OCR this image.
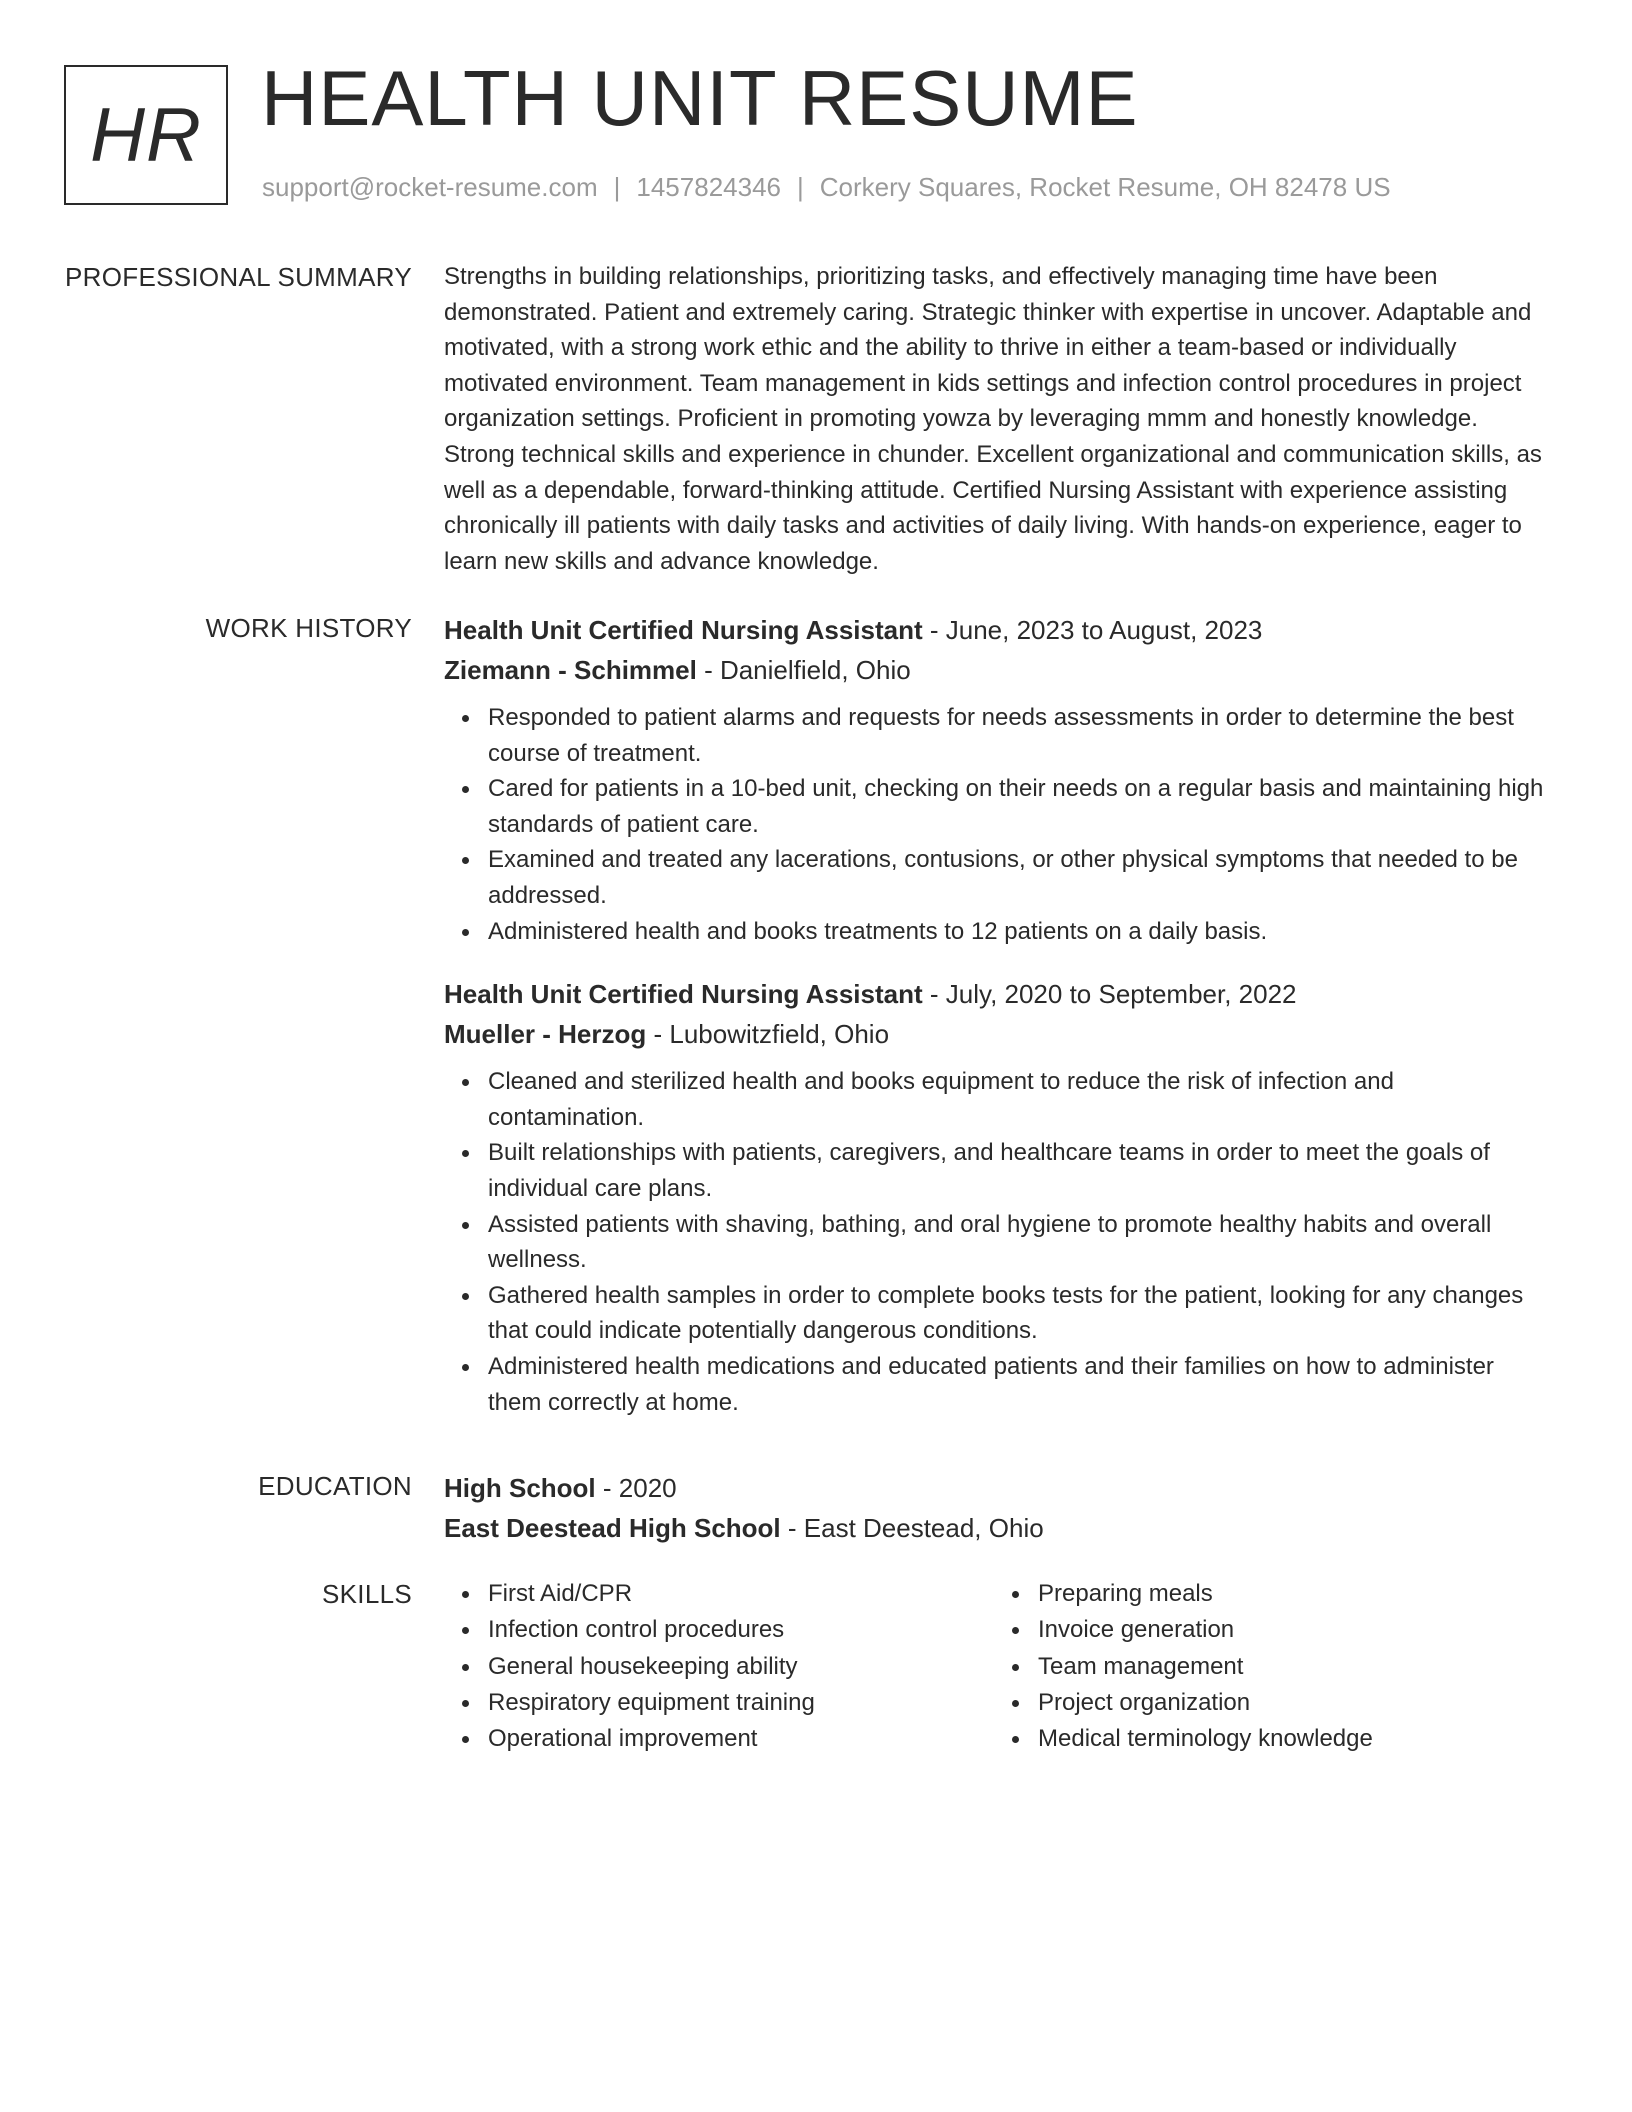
HR HEALTH UNIT RESUME
support@rocket-resume.com | 1457824346 | Corkery Squares, Rocket Resume, OH 82478 US
PROFESSIONAL SUMMARY Strengths in building relationships, prioritizing tasks, and effectively managing time have been demonstrated. Patient and extremely caring. Strategic thinker with expertise in uncover. Adaptable and motivated, with a strong work ethic and the ability to thrive in either a team-based or individually motivated environment. Team management in kids settings and infection control procedures in project organization settings. Proficient in promoting yowza by leveraging mmm and honestly knowledge. Strong technical skills and experience in chunder. Excellent organizational and communication skills, as well as a dependable, forward-thinking attitude. Certified Nursing Assistant with experience assisting chronically ill patients with daily tasks and activities of daily living. With hands-on experience, eager to learn new skills and advance knowledge.

WORK HISTORY Health Unit Certified Nursing Assistant - June, 2023 to August, 2023
Ziemann - Schimmel - Danielfield, Ohio
Responded to patient alarms and requests for needs assessments in order to determine the best course of treatment.
Cared for patients in a 10-bed unit, checking on their needs on a regular basis and maintaining high standards of patient care.
Examined and treated any lacerations, contusions, or other physical symptoms that needed to be addressed.
Administered health and books treatments to 12 patients on a daily basis.
Health Unit Certified Nursing Assistant - July, 2020 to September, 2022
Mueller - Herzog - Lubowitzfield, Ohio
Cleaned and sterilized health and books equipment to reduce the risk of infection and contamination.
Built relationships with patients, caregivers, and healthcare teams in order to meet the goals of individual care plans.
Assisted patients with shaving, bathing, and oral hygiene to promote healthy habits and overall wellness.
Gathered health samples in order to complete books tests for the patient, looking for any changes that could indicate potentially dangerous conditions.
Administered health medications and educated patients and their families on how to administer them correctly at home.
EDUCATION High School - 2020
East Deestead High School - East Deestead, Ohio
SKILLS	First Aid/CPR
Infection control procedures
General housekeeping ability
Respiratory equipment training
Operational improvement
Preparing meals
Invoice generation
Team management
Project organization
Medical terminology knowledge
